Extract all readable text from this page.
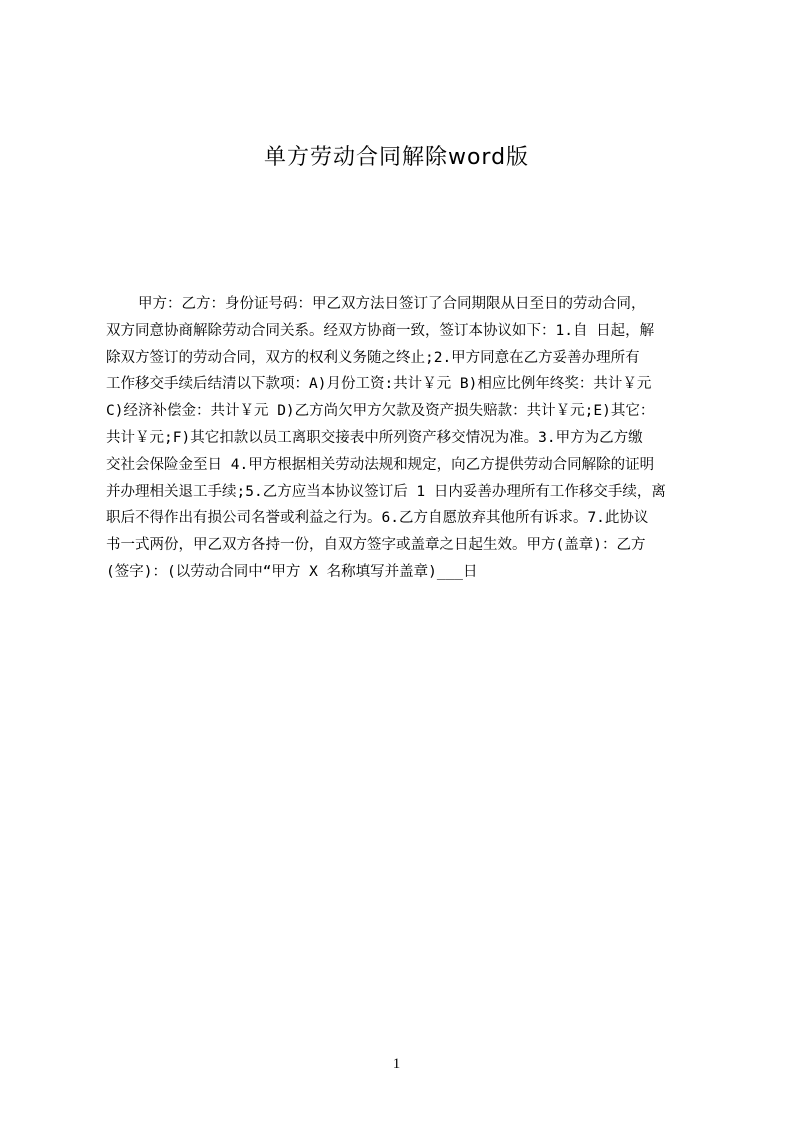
单方劳动合同解除word版
甲方：乙方：身份证号码：甲乙双方法日签订了合同期限从日至日的劳动合同，
双方同意协商解除劳动合同关系。经双方协商一致，签订本协议如下：1.自 日起，解
除双方签订的劳动合同，双方的权利义务随之终止;2.甲方同意在乙方妥善办理所有
工作移交手续后结清以下款项：A)月份工资:共计￥元 B)相应比例年终奖：共计￥元
C)经济补偿金：共计￥元 D)乙方尚欠甲方欠款及资产损失赔款：共计￥元;E)其它：
共计￥元;F)其它扣款以员工离职交接表中所列资产移交情况为准。3.甲方为乙方缴
交社会保险金至日 4.甲方根据相关劳动法规和规定，向乙方提供劳动合同解除的证明
并办理相关退工手续;5.乙方应当本协议签订后 1 日内妥善办理所有工作移交手续，离
职后不得作出有损公司名誉或利益之行为。6.乙方自愿放弃其他所有诉求。7.此协议
书一式两份，甲乙双方各持一份，自双方签字或盖章之日起生效。甲方(盖章)：乙方
(签字)：(以劳动合同中“甲方 X 名称填写并盖章)___日
1
